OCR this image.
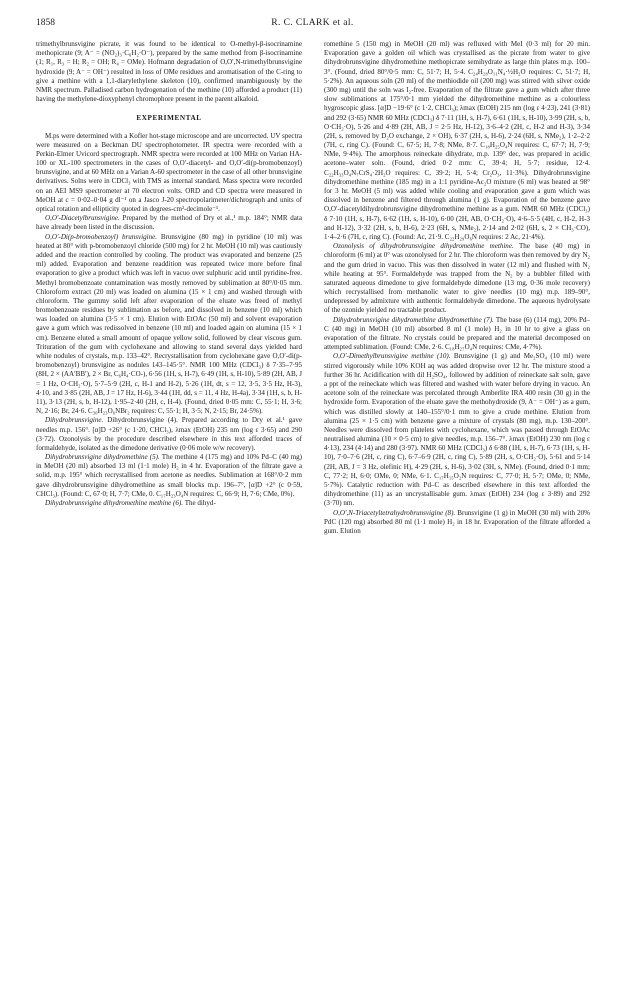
1858	R. C. CLARK et al.

trimethylbrunsvigine picrate, it was found to be identical to O-methyl-β-isocrinamine methopicrate (9; A⁻ = (NO₂)₃·C₆H₂·O⁻), prepared by the same method from β-isocrinamine (1; R₁, R₃ = H; R₂ = OH; R₄ = OMe). Hofmann degradation of O,O′,N-trimethylbrunsvigine hydroxide (9; A⁻ = OH⁻) resulted in loss of OMe residues and aromatisation of the C-ring to give a methine with a 1,1-diarylethylene skeleton (10), confirmed unambiguously by the NMR spectrum. Palladised carbon hydrogenation of the methine (10) afforded a product (11) having the methylene-dioxyphenyl chromophore present in the parent alkaloid.

EXPERIMENTAL

M.ps were determined with a Kofler hot-stage microscope and are uncorrected. UV spectra were measured on a Beckman DU spectrophotometer. IR spectra were recorded with a Perkin-Elmer Uvicord spectrograph. NMR spectra were recorded at 100 MHz on Varian HA-100 or XL-100 spectrometers in the cases of O,O′-diacetyl- and O,O′-di(p-bromobenzoyl) brunsvigine, and at 60 MHz on a Varian A-60 spectrometer in the case of all other brunsvigine derivatives. Solns were in CDCl₃ with TMS as internal standard. Mass spectra were recorded on an AEI MS9 spectrometer at 70 electron volts. ORD and CD spectra were measured in MeOH at c = 0·02–0·04 g dl⁻¹ on a Jasco J-20 spectropolarimeter/dichrograph and units of optical rotation and ellipticity quoted in degrees-cm²-decimole⁻¹.

O,O′-Diacetylbrunsvigine. Prepared by the method of Dry et al.,¹ m.p. 184°; NMR data have already been listed in the discussion.

O,O′-Di(p-bromobenzoyl) brunsvigine. Brunsvigine (80 mg) in pyridine (10 ml) was heated at 80° with p-bromobenzoyl chloride (500 mg) for 2 hr. MeOH (10 ml) was cautiously added and the reaction controlled by cooling. The product was evaporated and benzene (25 ml) added. Evaporation and benzene readdition was repeated twice more before final evaporation to give a product which was left in vacuo over sulphuric acid until pyridine-free. Methyl bromobenzoate contamination was mostly removed by sublimation at 80°/0·05 mm. Chloroform extract (20 ml) was loaded on alumina (15 × 1 cm) and washed through with chloroform. The gummy solid left after evaporation of the eluate was freed of methyl bromobenzoate residues by sublimation as before, and dissolved in benzene (10 ml) which was loaded on alumina (3·5 × 1 cm). Elution with EtOAc (50 ml) and solvent evaporation gave a gum which was redissolved in benzene (10 ml) and loaded again on alumina (15 × 1 cm). Benzene eluted a small amount of opaque yellow solid, followed by clear viscous gum. Trituration of the gum with cyclohexane and allowing to stand several days yielded hard white nodules of crystals, m.p. 133–42°. Recrystallisation from cyclohexane gave O,O′-di(p-bromobenzoyl) brunsvigine as nodules 143–145·5°. NMR 100 MHz (CDCl₃) δ 7·35–7·95 (8H, 2 × (AA′BB′), 2 × Br, C₆H₄·CO-), 6·56 (1H, s, H-7), 6·49 (1H, s, H-10), 5·89 (2H, AB, J = 1 Hz, O·CH₂·O), 5·7–5·9 (2H, c, H-1 and H-2), 5·26 (1H, dt, s = 12, 3·5, 3·5 Hz, H-3), 4·10, and 3·85 (2H, AB, J = 17 Hz, H-6), 3·44 (1H, dd, s = 11, 4 Hz, H-4a), 3·34 (1H, s, b, H-11), 3·13 (2H, s, b, H-12), 1·95–2·40 (2H, c, H-4). (Found, dried 0·05 mm: C, 55·1; H, 3·6; N, 2·16; Br, 24·6. C₃₀H₂₃O₆NBr₂ requires: C, 55·1; H, 3·5; N, 2·15; Br, 24·5%).

Dihydrobrunsvigine. Dihydrobrunsvigine (4). Prepared according to Dry et al.¹ gave needles m.p. 156°. [α]D +26° (c 1·20, CHCl₃), λmax (EtOH) 235 nm (log ε 3·65) and 290 (3·72). Ozonolysis by the procedure described elsewhere in this text afforded traces of formaldehyde, isolated as the dimedone derivative (0·06 mole w/w recovery).

Dihydrobrunsvigine dihydromethine (5). The methine 4 (175 mg) and 10% Pd–C (40 mg) in MeOH (20 ml) absorbed 13 ml (1·1 mole) H₂ in 4 hr. Evaporation of the filtrate gave a solid, m.p. 195° which recrystallised from acetone as needles. Sublimation at 168°/0·2 mm gave dihydrobrunsvigine dihydromethine as small blocks m.p. 196–7°, [α]D +2° (c 0·59, CHCl₃). (Found: C, 67·0; H, 7·7; CMe, 0. C₁₇H₂₃O₄N requires: C, 66·9; H, 7·6; CMe, 0%).

Dihydrobrunsvigine dihydromethine methine (6). The dihyd-

romethine 5 (150 mg) in MeOH (20 ml) was refluxed with MeI (0·3 ml) for 20 min. Evaporation gave a golden oil which was crystallised as the picrate from water to give dihydrobrunsvigine dihydromethine methopicrate semihydrate as large thin plates m.p. 100–3°. (Found, dried 80°/0·5 mm: C, 51·7; H, 5·4. C₂₄H₂₈O₁₁N₄·½H₂O requires: C, 51·7; H, 5·2%). An aqueous soln (20 ml) of the methiodide oil (200 mg) was stirred with silver oxide (300 mg) until the soln was I₂-free. Evaporation of the filtrate gave a gum which after three slow sublimations at 175°/0·1 mm yielded the dihydromethine methine as a colourless hygroscopic glass. [α]D −19·6° (c 1·2, CHCl₃); λmax (EtOH) 215 nm (log ε 4·23), 241 (3·81) and 292 (3·65) NMR 60 MHz (CDCl₃) δ 7·11 (1H, s, H-7), 6·61 (1H, s, H-10), 3·99 (2H, s, b, O·CH₂·O), 5·26 and 4·89 (2H, AB, J = 2·5 Hz, H-12), 3·6–4·2 (2H, c, H-2 and H-3), 3·34 (2H, s, removed by D₂O exchange, 2 × OH), 6·37 (2H, s, H-6), 2·24 (6H, s, NMe₂), 1·2–2·2 (7H, c, ring C). (Found: C, 67·5; H, 7·8; NMe, 8·7. C₁₈H₂₅O₄N requires: C, 67·7; H, 7·9; NMe, 9·4%). The amorphous reineckate dihydrate, m.p. 139° dec, was prepared in acidic acetone–water soln. (Found, dried 0·2 mm: C, 39·4; H, 5·7; residue, 12·4. C₂₂H₃₃O₄N₇CrS₄·2H₂O requires: C, 39·2; H, 5·4; Cr₂O₃, 11·3%). Dihydrobrunsvigine dihydromethine methine (185 mg) in a 1:1 pyridine-Ac₂O mixture (6 ml) was heated at 98° for 3 hr. MeOH (5 ml) was added while cooling and evaporation gave a gum which was dissolved in benzene and filtered through alumina (1 g). Evaporation of the benzene gave O,O′-diacetyldihydrobrunsvigine dihydromethine methine as a gum. NMR 60 MHz (CDCl₃) δ 7·10 (1H, s, H-7), 6·62 (1H, s, H-10), 6·00 (2H, AB, O·CH₂·O), 4·6–5·5 (4H, c, H-2, H-3 and H-12), 3·32 (2H, s, b, H-6), 2·23 (6H, s, NMe₂), 2·14 and 2·02 (6H, s, 2 × CH₃·CO), 1·4–2·6 (7H, c, ring C). (Found: Ac, 21·9. C₂₂H₂₉O₆N requires: 2 Ac, 21·4%).

Ozonolysis of dihydrobrunsvigine dihydromethine methine. The base (40 mg) in chloroform (6 ml) at 0° was ozonolysed for 2 hr. The chloroform was then removed by dry N₂ and the gum dried in vacuo. This was then dissolved in water (12 ml) and flushed with N₂ while heating at 95°. Formaldehyde was trapped from the N₂ by a bubbler filled with saturated aqueous dimedone to give formaldehyde dimedone (13 mg, 0·36 mole recovery) which recrystallised from methanolic water to give needles (10 mg) m.p. 189–90°, undepressed by admixture with authentic formaldehyde dimedone. The aqueous hydrolysate of the ozonide yielded no tractable product.

Dihydrobrunsvigine dihydromethine dihydromethine (7). The base (6) (114 mg), 20% Pd–C (40 mg) in MeOH (10 ml) absorbed 8 ml (1 mole) H₂ in 10 hr to give a glass on evaporation of the filtrate. No crystals could be prepared and the material decomposed on attempted sublimation. (Found: CMe, 2·6. C₁₈H₂₇O₄N requires: CMe, 4·7%).

O,O′-Dimethylbrunsvigine methine (10). Brunsvigine (1 g) and Me₂SO₄ (10 ml) were stirred vigorously while 10% KOH aq was added dropwise over 12 hr. The mixture stood a further 36 hr. Acidification with dil H₂SO₄, followed by addition of reineckate salt soln, gave a ppt of the reineckate which was filtered and washed with water before drying in vacuo. An acetone soln of the reineckate was percolated through Amberlite IRA 400 resin (30 g) in the hydroxide form. Evaporation of the eluate gave the methohydroxide (9, A⁻ = OH⁻) as a gum, which was distilled slowly at 140–155°/0·1 mm to give a crude methine. Elution from alumina (25 × 1·5 cm) with benzene gave a mixture of crystals (80 mg), m.p. 130–200°. Needles were dissolved from platelets with cyclohexane, which was passed through EtOAc neutralised alumina (10 × 0·5 cm) to give needles, m.p. 156–7°. λmax (EtOH) 230 nm (log ε 4·13), 234 (4·14) and 280 (3·97). NMR 60 MHz (CDCl₃) δ 6·88 (1H, s, H-7), 6·73 (1H, s, H-10), 7·0–7·6 (2H, c, ring C), 6·7–6·9 (2H, c, ring C), 5·89 (2H, s, O·CH₂·O), 5·61 and 5·14 (2H, AB, J = 3 Hz, olefinic H), 4·29 (2H, s, H-6), 3·02 (3H, s, NMe). (Found, dried 0·1 mm; C, 77·2; H, 6·0; OMe, 0; NMe, 6·1. C₁₇H₁₅O₂N requires: C, 77·0; H, 5·7; OMe, 0; NMe, 5·7%). Catalytic reduction with Pd–C as described elsewhere in this text afforded the dihydromethine (11) as an uncrystallisable gum. λmax (EtOH) 234 (log ε 3·89) and 292 (3·70) nm.

O,O′,N-Triacetyltetrahydrobrunsvigine (8). Brunsvigine (1 g) in MeOH (30 ml) with 20% PdC (120 mg) absorbed 80 ml (1·1 mole) H₂ in 18 hr. Evaporation of the filtrate afforded a gum. Elution
